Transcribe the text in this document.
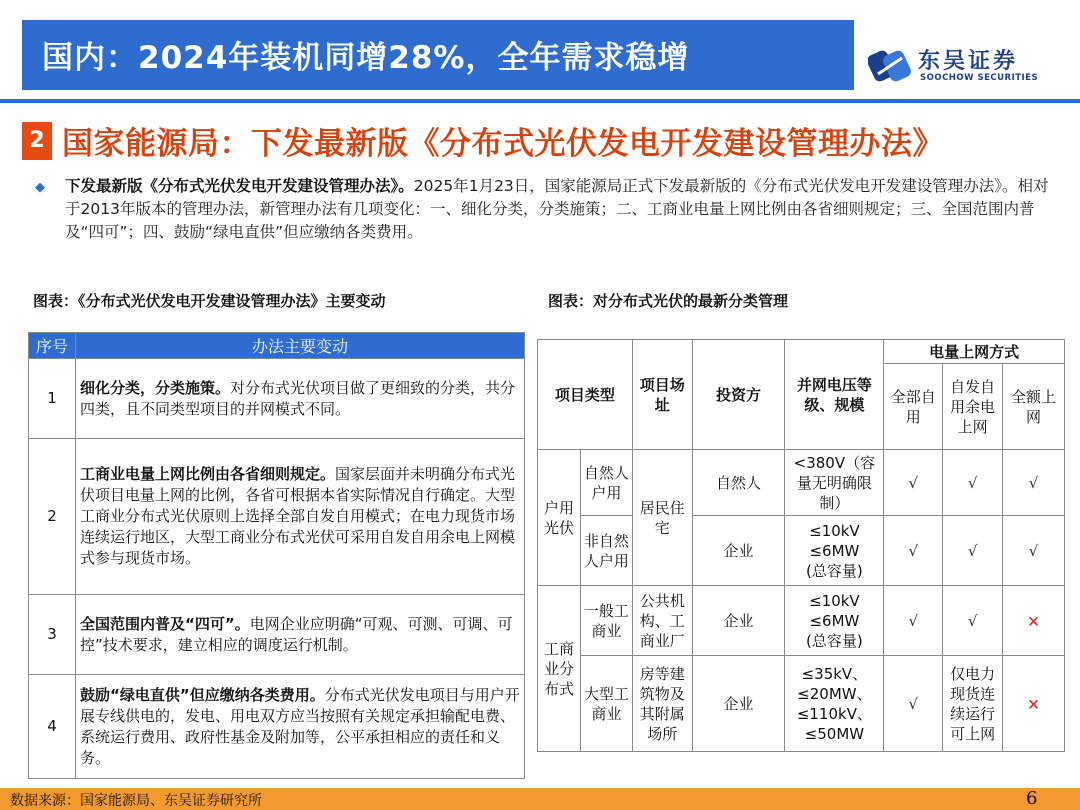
国内：2024年装机同增28%，全年需求稳增	东吴证券
SOOCHOW SECURITIES
2 国家能源局：下发最新版《分布式光伏发电开发建设管理办法》
◆ 下发最新版《分布式光伏发电开发建设管理办法》。2025年1月23日，国家能源局正式下发最新版的《分布式光伏发电开发建设管理办法》。相对于2013年版本的管理办法，新管理办法有几项变化：一、细化分类，分类施策；二、工商业电量上网比例由各省细则规定；三、全国范围内普及“四可”；四、鼓励“绿电直供”但应缴纳各类费用。
图表：《分布式光伏发电开发建设管理办法》主要变动	图表：对分布式光伏的最新分类管理
序号	办法主要变动
1	细化分类，分类施策。对分布式光伏项目做了更细致的分类，共分四类，且不同类型项目的并网模式不同。
2	工商业电量上网比例由各省细则规定。国家层面并未明确分布式光伏项目电量上网的比例，各省可根据本省实际情况自行确定。大型工商业分布式光伏原则上选择全部自发自用模式；在电力现货市场连续运行地区，大型工商业分布式光伏可采用自发自用余电上网模式参与现货市场。
3	全国范围内普及“四可”。电网企业应明确“可观、可测、可调、可控”技术要求，建立相应的调度运行机制。
4	鼓励“绿电直供”但应缴纳各类费用。分布式光伏发电项目与用户开展专线供电的，发电、用电双方应当按照有关规定承担输配电费、系统运行费用、政府性基金及附加等，公平承担相应的责任和义务。
项目类型		项目场址	投资方	并网电压等级、规模	电量上网方式		
					全部自用	自发自用余电上网	全额上网
户用光伏	自然人户用	居民住宅	自然人	<380V（容量无明确限制）	√	√	√
	非自然人户用		企业	≤10kV
≤6MW
(总容量)	√	√	√
工商业分布式	一般工商业	公共机构、工商业厂	企业	≤10kV
≤6MW
(总容量)	√	√	×
	大型工商业	房等建筑物及其附属场所	企业	≤35kV、
≤20MW、
≤110kV、
≤50MW	√	仅电力现货连续运行可上网	×
数据来源：国家能源局、东吴证券研究所	6
